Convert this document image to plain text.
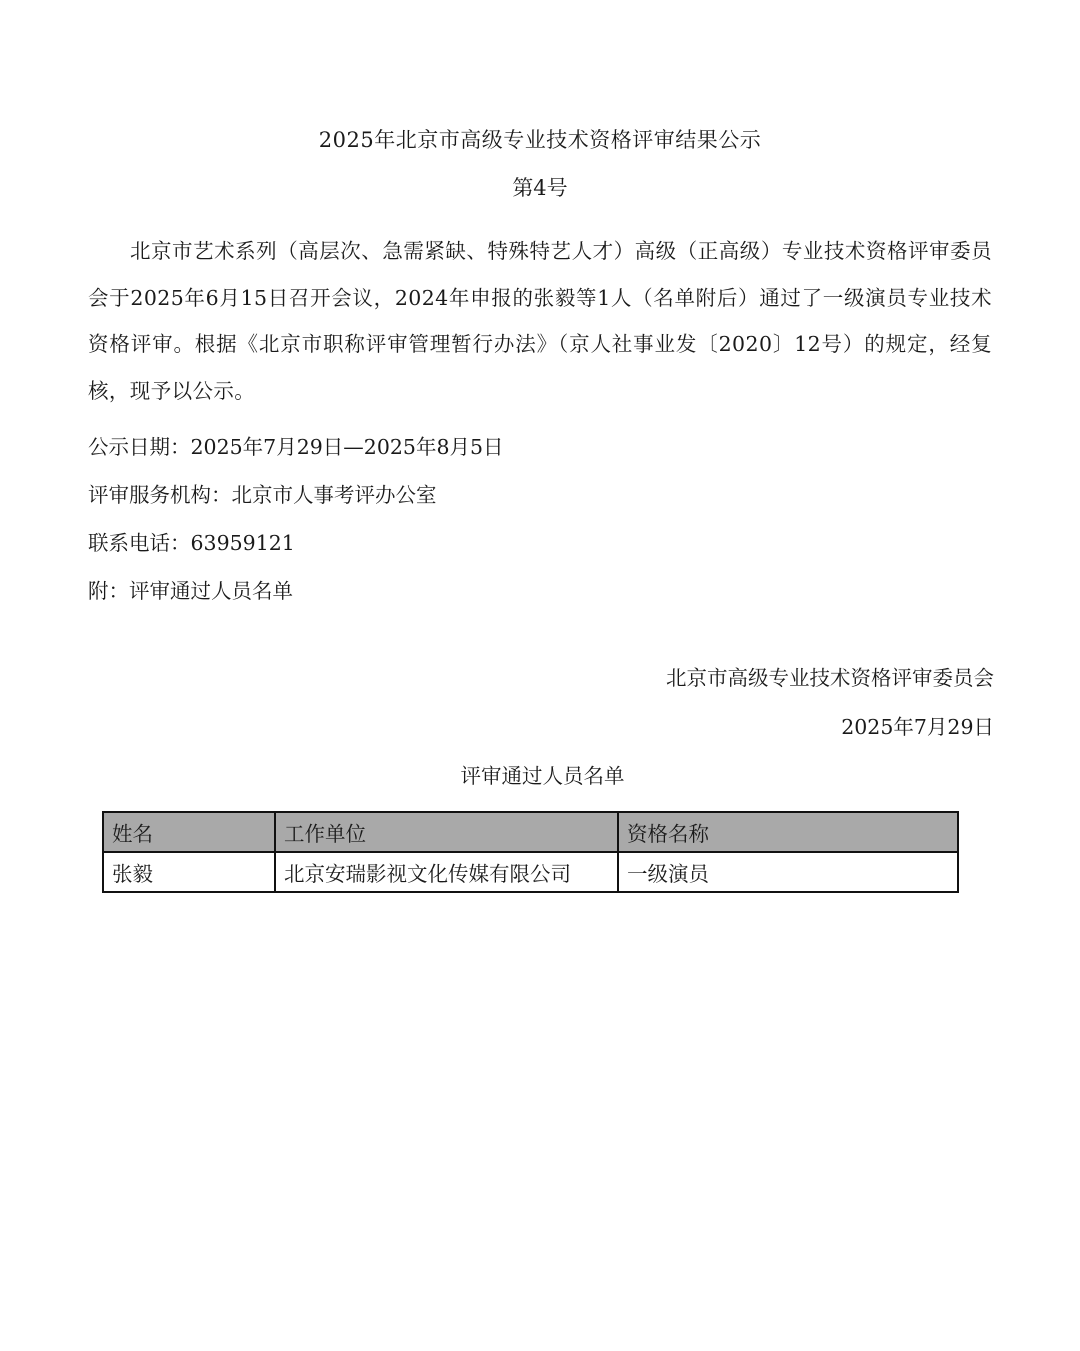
2025年北京市高级专业技术资格评审结果公示
第4号
北京市艺术系列（高层次、急需紧缺、特殊特艺人才）高级（正高级）专业技术资格评审委员会于2025年6月15日召开会议，2024年申报的张毅等1人（名单附后）通过了一级演员专业技术资格评审。根据《北京市职称评审管理暂行办法》（京人社事业发〔2020〕12号）的规定，经复核，现予以公示。
公示日期：2025年7月29日—2025年8月5日
评审服务机构：北京市人事考评办公室
联系电话：63959121
附：评审通过人员名单
北京市高级专业技术资格评审委员会
2025年7月29日
评审通过人员名单
姓名	工作单位	资格名称
张毅	北京安瑞影视文化传媒有限公司	一级演员
